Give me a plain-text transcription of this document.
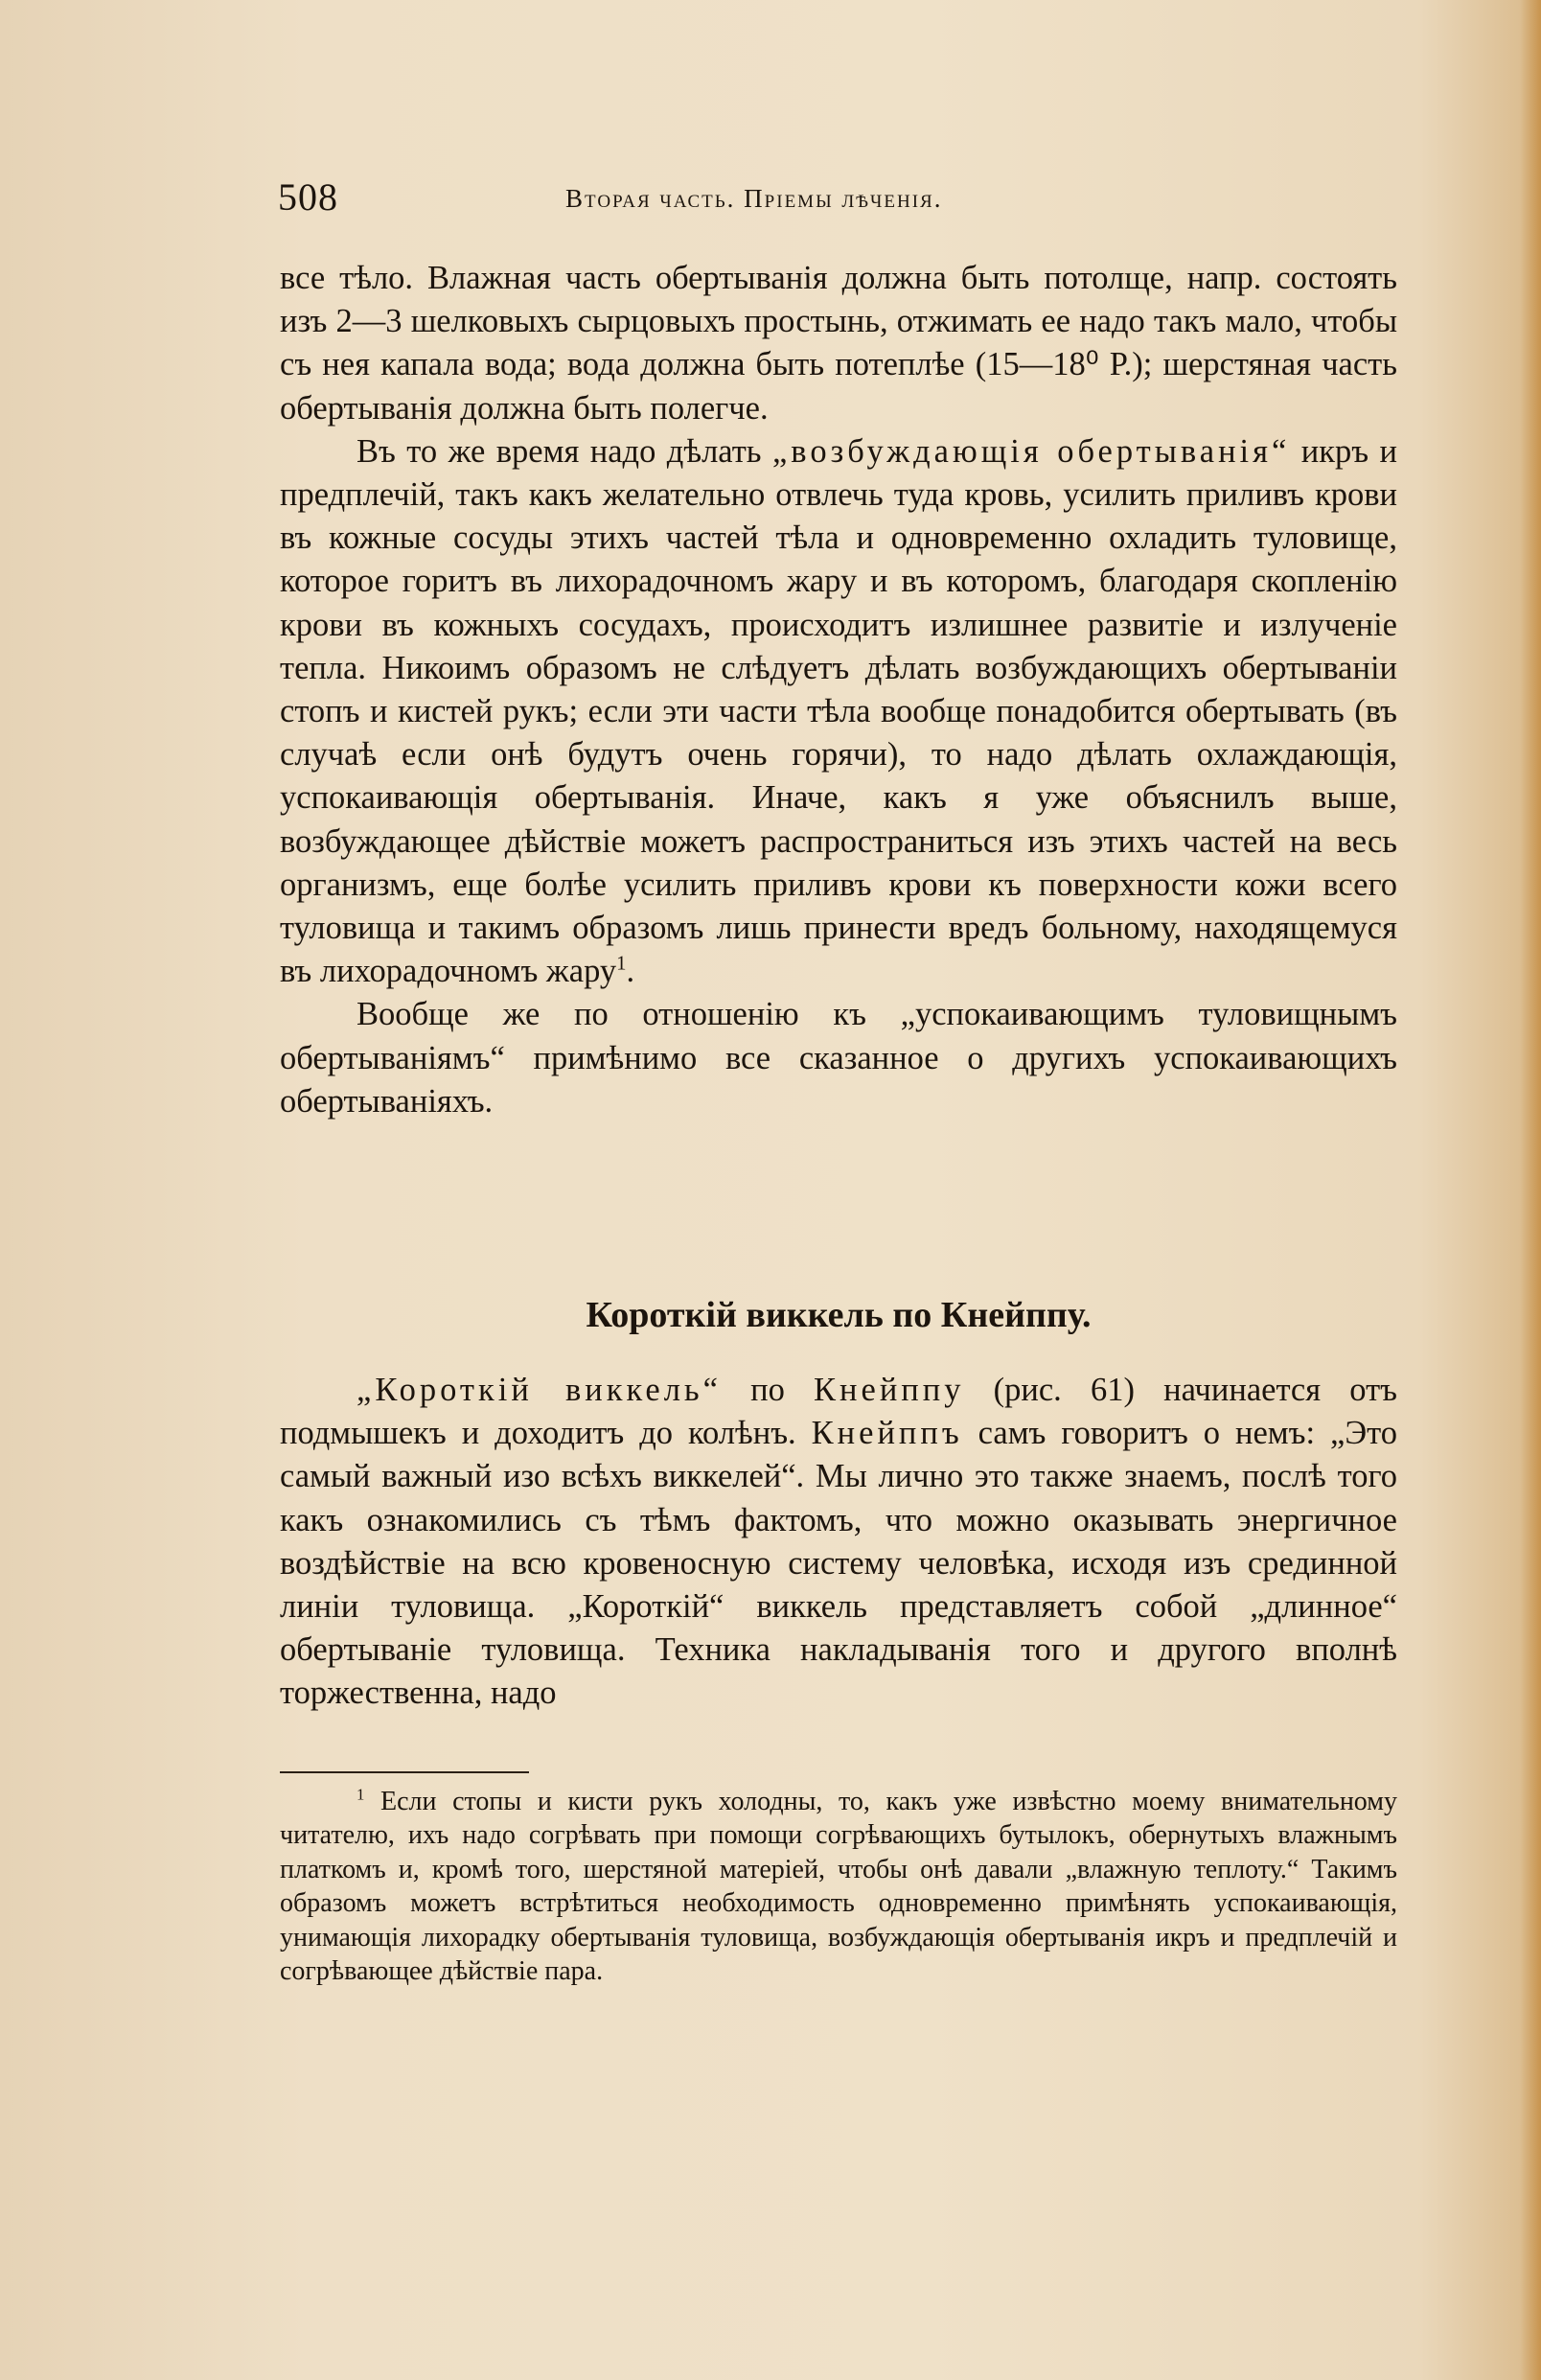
508	Вторая часть. Пріемы лѣченія.

все тѣло. Влажная часть обертыванія должна быть потолще, напр. состоять изъ 2—3 шелковыхъ сырцовыхъ простынь, отжимать ее надо такъ мало, чтобы съ нея капала вода; вода должна быть потеплѣе (15—18⁰ Р.); шерстяная часть обертыванія должна быть полегче.

Въ то же время надо дѣлать „возбуждающія обертыванія“ икръ и предплечій, такъ какъ желательно отвлечь туда кровь, усилить приливъ крови въ кожные сосуды этихъ частей тѣла и одновременно охладить туловище, которое горитъ въ лихорадочномъ жару и въ которомъ, благодаря скопленію крови въ кожныхъ сосудахъ, происходитъ излишнее развитіе и излученіе тепла. Никоимъ образомъ не слѣдуетъ дѣлать возбуждающихъ обертываніи стопъ и кистей рукъ; если эти части тѣла вообще понадобится обертывать (въ случаѣ если онѣ будутъ очень горячи), то надо дѣлать охлаждающія, успокаивающія обертыванія. Иначе, какъ я уже объяснилъ выше, возбуждающее дѣйствіе можетъ распространиться изъ этихъ частей на весь организмъ, еще болѣе усилить приливъ крови къ поверхности кожи всего туловища и такимъ образомъ лишь принести вредъ больному, находящемуся въ лихорадочномъ жару$^1$.

Вообще же по отношенію къ „успокаивающимъ туловищнымъ обертываніямъ“ примѣнимо все сказанное о другихъ успокаивающихъ обертываніяхъ.

Короткій виккель по Кнейппу.

„Короткій виккель“ по Кнейппу (рис. 61) начинается отъ подмышекъ и доходитъ до колѣнъ. Кнейппъ самъ говоритъ о немъ: „Это самый важный изо всѣхъ виккелей“. Мы лично это также знаемъ, послѣ того какъ ознакомились съ тѣмъ фактомъ, что можно оказывать энергичное воздѣйствіе на всю кровеносную систему человѣка, исходя изъ срединной линіи туловища. „Короткій“ виккель представляетъ собой „длинное“ обертываніе туловища. Техника накладыванія того и другого вполнѣ торжественна, надо

$^1$ Если стопы и кисти рукъ холодны, то, какъ уже извѣстно моему внимательному читателю, ихъ надо согрѣвать при помощи согрѣвающихъ бутылокъ, обернутыхъ влажнымъ платкомъ и, кромѣ того, шерстяной матеріей, чтобы онѣ давали „влажную теплоту.“ Такимъ образомъ можетъ встрѣтиться необходимость одновременно примѣнять успокаивающія, унимающія лихорадку обертыванія туловища, возбуждающія обертыванія икръ и предплечій и согрѣвающее дѣйствіе пара.
